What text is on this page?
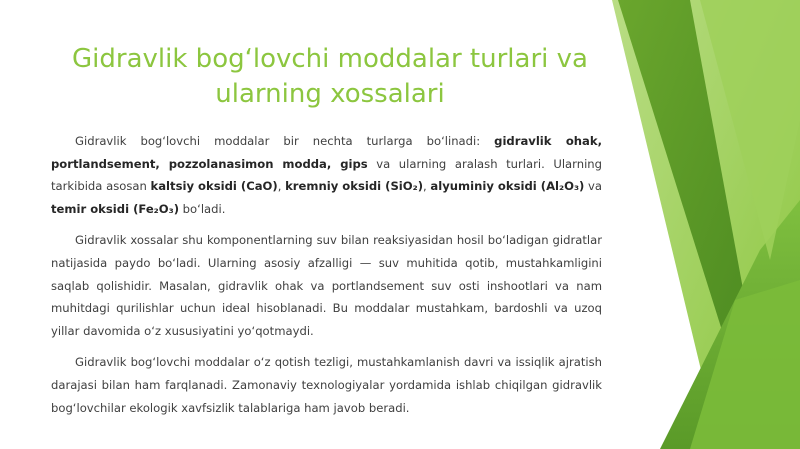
Gidravlik bog‘lovchi moddalar turlari va
ularning xossalari

Gidravlik bog‘lovchi moddalar bir nechta turlarga bo‘linadi: gidravlik ohak, portlandsement, pozzolanasimon modda, gips va ularning aralash turlari. Ularning tarkibida asosan kaltsiy oksidi (CaO), kremniy oksidi (SiO₂), alyuminiy oksidi (Al₂O₃) va temir oksidi (Fe₂O₃) bo‘ladi.

Gidravlik xossalar shu komponentlarning suv bilan reaksiyasidan hosil bo‘ladigan gidratlar natijasida paydo bo‘ladi. Ularning asosiy afzalligi — suv muhitida qotib, mustahkamligini saqlab qolishidir. Masalan, gidravlik ohak va portlandsement suv osti inshootlari va nam muhitdagi qurilishlar uchun ideal hisoblanadi. Bu moddalar mustahkam, bardoshli va uzoq yillar davomida o‘z xususiyatini yo‘qotmaydi.

Gidravlik bog‘lovchi moddalar o‘z qotish tezligi, mustahkamlanish davri va issiqlik ajratish darajasi bilan ham farqlanadi. Zamonaviy texnologiyalar yordamida ishlab chiqilgan gidravlik bog‘lovchilar ekologik xavfsizlik talablariga ham javob beradi.
